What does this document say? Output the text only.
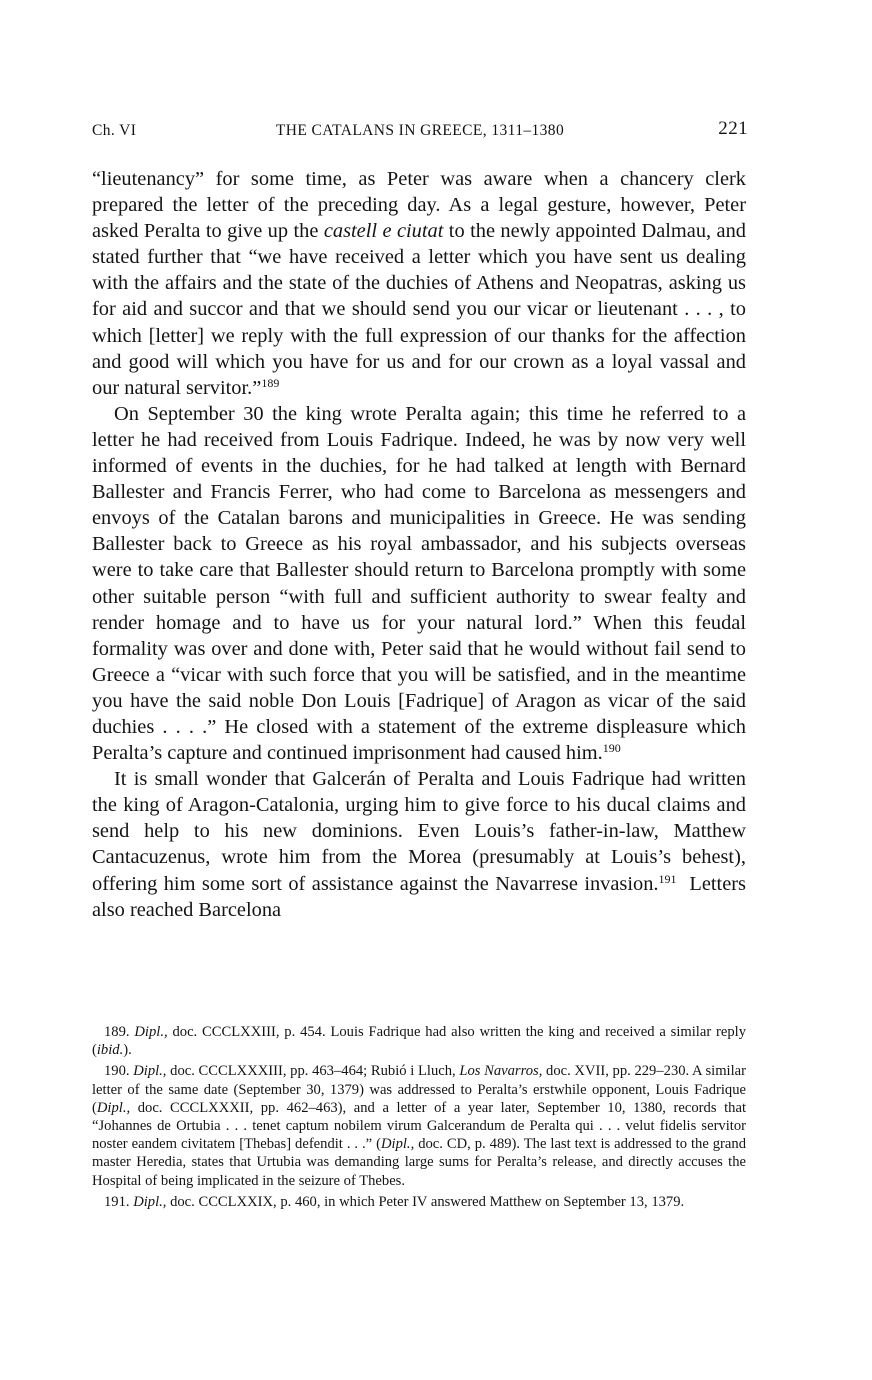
Ch. VI	THE CATALANS IN GREECE, 1311–1380	221

“lieutenancy” for some time, as Peter was aware when a chancery clerk prepared the letter of the preceding day. As a legal gesture, however, Peter asked Peralta to give up the castell e ciutat to the newly appointed Dalmau, and stated further that “we have received a letter which you have sent us dealing with the affairs and the state of the duchies of Athens and Neopatras, asking us for aid and succor and that we should send you our vicar or lieutenant . . . , to which [letter] we reply with the full expression of our thanks for the affection and good will which you have for us and for our crown as a loyal vassal and our natural servitor.”$^{189}$

On September 30 the king wrote Peralta again; this time he referred to a letter he had received from Louis Fadrique. Indeed, he was by now very well informed of events in the duchies, for he had talked at length with Bernard Ballester and Francis Ferrer, who had come to Barcelona as messengers and envoys of the Catalan barons and municipalities in Greece. He was sending Ballester back to Greece as his royal ambassador, and his subjects overseas were to take care that Ballester should return to Barcelona promptly with some other suitable person “with full and sufficient authority to swear fealty and render homage and to have us for your natural lord.” When this feudal formality was over and done with, Peter said that he would without fail send to Greece a “vicar with such force that you will be satisfied, and in the meantime you have the said noble Don Louis [Fadrique] of Aragon as vicar of the said duchies . . . .” He closed with a statement of the extreme displeasure which Peralta’s capture and continued imprisonment had caused him.$^{190}$

It is small wonder that Galcerán of Peralta and Louis Fadrique had written the king of Aragon-Catalonia, urging him to give force to his ducal claims and send help to his new dominions. Even Louis’s father-in-law, Matthew Cantacuzenus, wrote him from the Morea (presumably at Louis’s behest), offering him some sort of assistance against the Navarrese invasion.$^{191}$  Letters also reached Barcelona

189. Dipl., doc. CCCLXXIII, p. 454. Louis Fadrique had also written the king and received a similar reply (ibid.).

190. Dipl., doc. CCCLXXXIII, pp. 463–464; Rubió i Lluch, Los Navarros, doc. XVII, pp. 229–230. A similar letter of the same date (September 30, 1379) was addressed to Peralta’s erstwhile opponent, Louis Fadrique (Dipl., doc. CCCLXXXII, pp. 462–463), and a letter of a year later, September 10, 1380, records that “Johannes de Ortubia . . . tenet captum nobilem virum Galcerandum de Peralta qui . . . velut fidelis servitor noster eandem civitatem [Thebas] defendit . . .” (Dipl., doc. CD, p. 489). The last text is addressed to the grand master Heredia, states that Urtubia was demanding large sums for Peralta’s release, and directly accuses the Hospital of being implicated in the seizure of Thebes.

191. Dipl., doc. CCCLXXIX, p. 460, in which Peter IV answered Matthew on September 13, 1379.
